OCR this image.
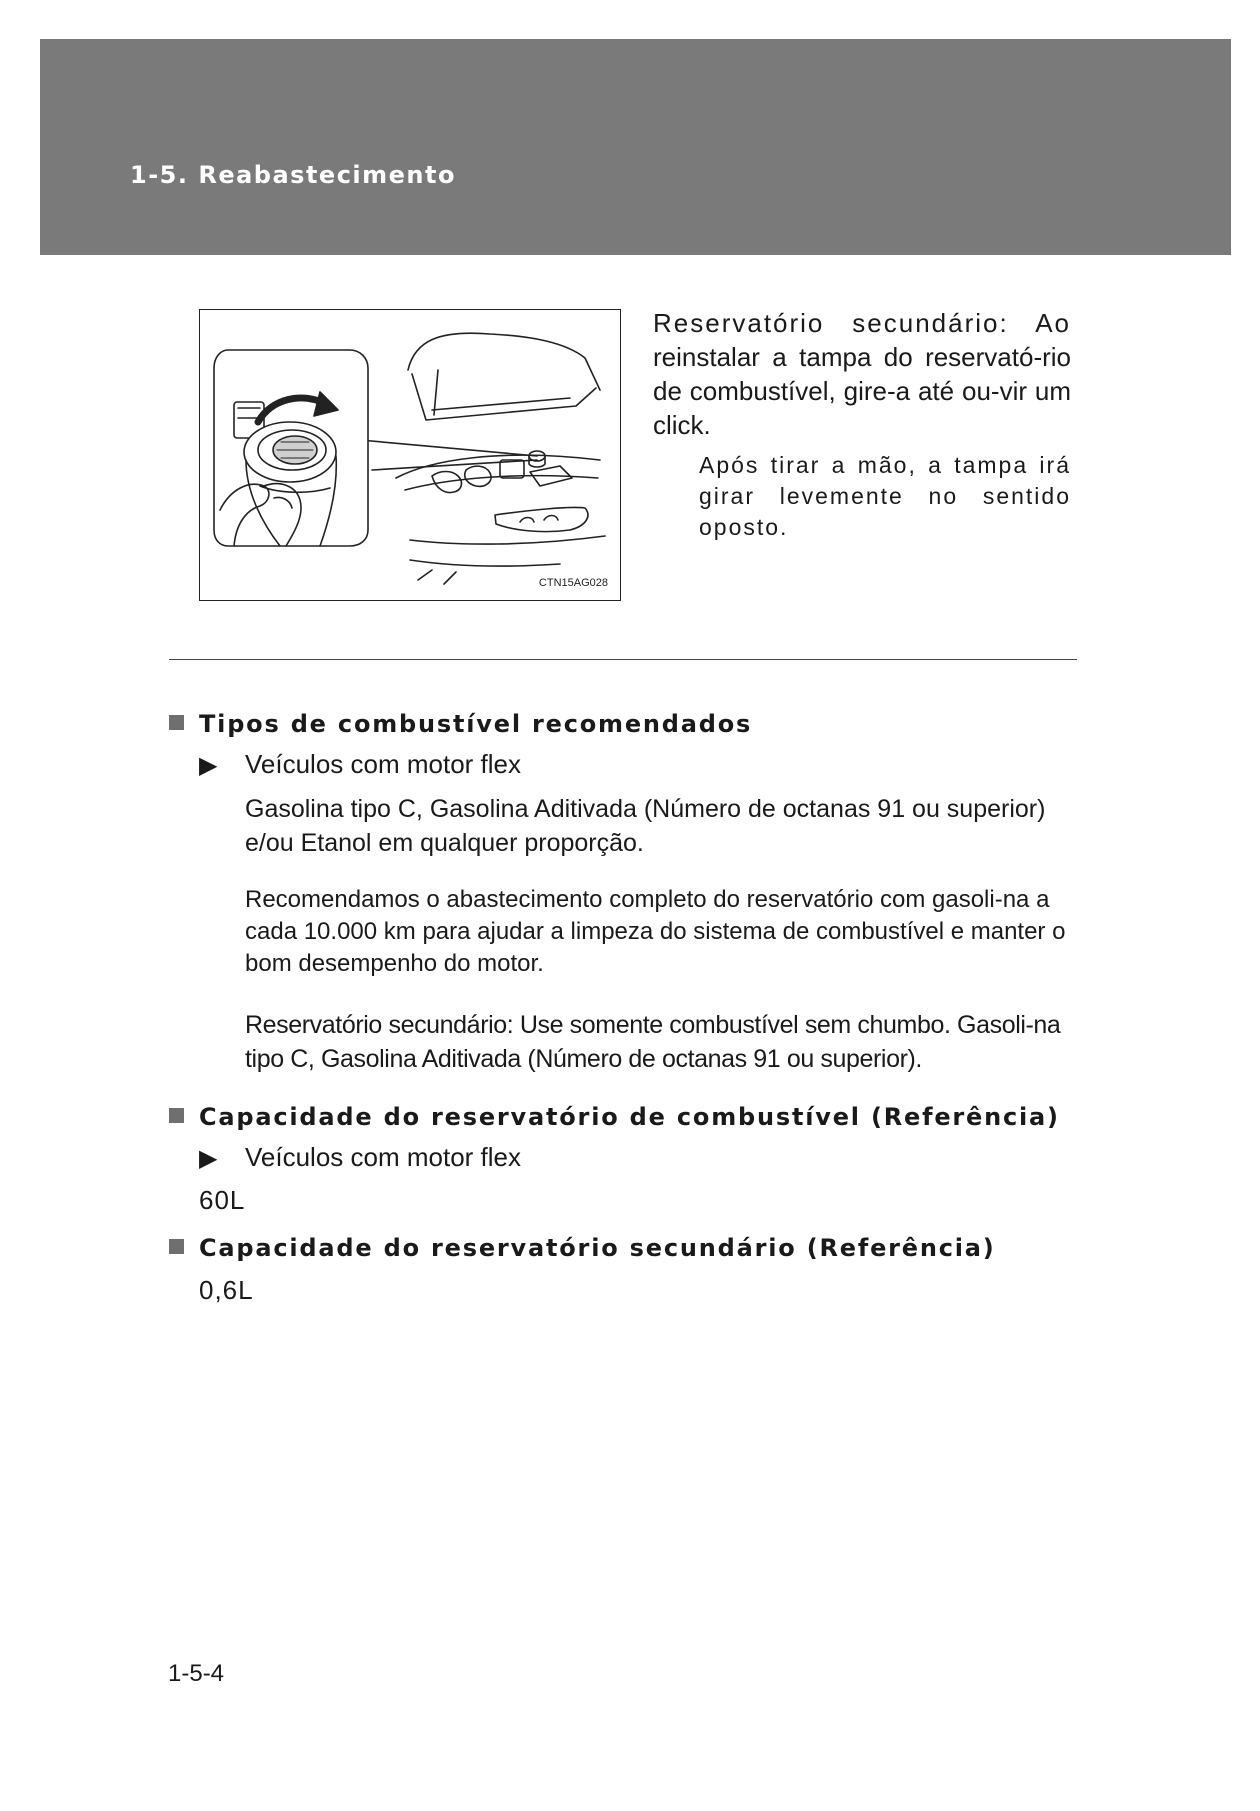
1-5. Reabastecimento
CTN15AG028
Reservatório secundário: Ao reinstalar a tampa do reservató-rio de combustível, gire-a até ou-vir um click.
Após tirar a mão, a tampa irá girar levemente no sentido oposto.
Tipos de combustível recomendados
▶ Veículos com motor flex
Gasolina tipo C, Gasolina Aditivada (Número de octanas 91 ou superior) e/ou Etanol em qualquer proporção.
Recomendamos o abastecimento completo do reservatório com gasoli-na a cada 10.000 km para ajudar a limpeza do sistema de combustível e manter o bom desempenho do motor.
Reservatório secundário: Use somente combustível sem chumbo. Gasoli-na tipo C, Gasolina Aditivada (Número de octanas 91 ou superior).
Capacidade do reservatório de combustível (Referência)
▶ Veículos com motor flex
60L
Capacidade do reservatório secundário (Referência)
0,6L
1-5-4
